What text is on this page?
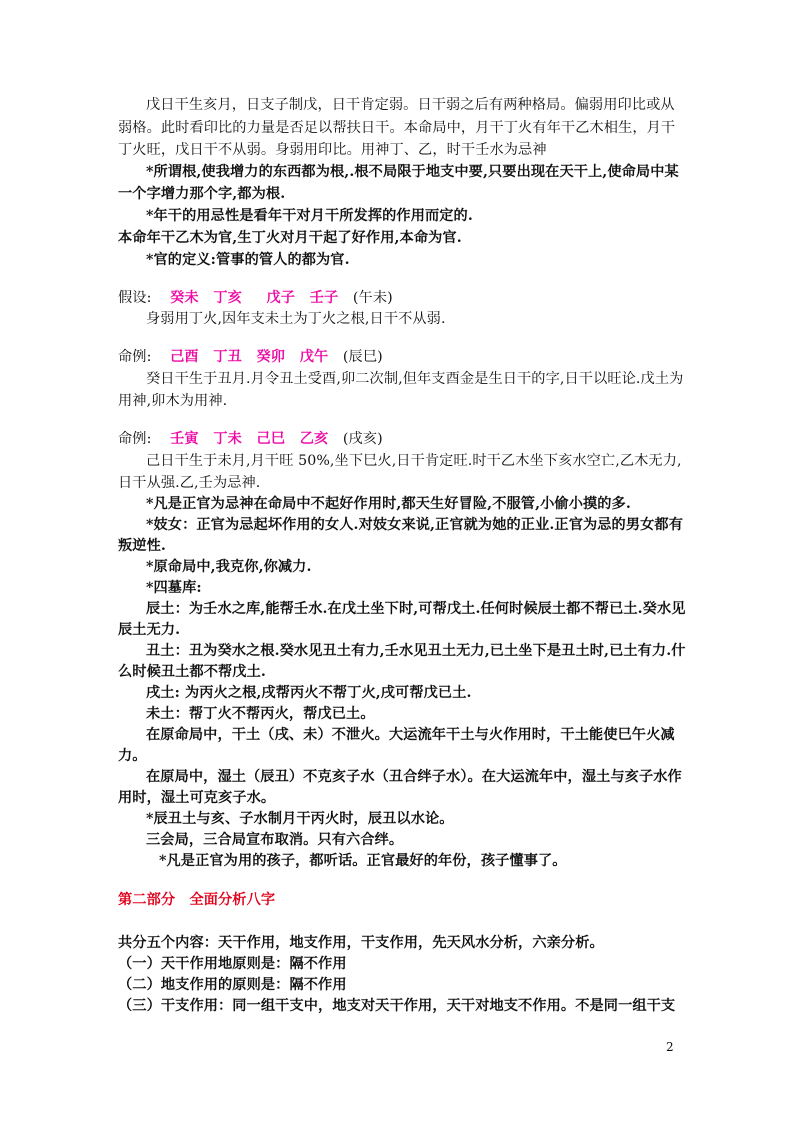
戊日干生亥月，日支子制戊，日干肯定弱。日干弱之后有两种格局。偏弱用印比或从
弱格。此时看印比的力量是否足以帮扶日干。本命局中，月干丁火有年干乙木相生，月干
丁火旺，戊日干不从弱。身弱用印比。用神丁、乙，时干壬水为忌神
*所谓根,使我增力的东西都为根,.根不局限于地支中要,只要出现在天干上,使命局中某
一个字增力那个字,都为根.
*年干的用忌性是看年干对月干所发挥的作用而定的.
本命年干乙木为官,生丁火对月干起了好作用,本命为官.
*官的定义:管事的管人的都为官.
假设: 癸未 丁亥 戊子 壬子 (午未)
身弱用丁火,因年支未土为丁火之根,日干不从弱.
命例: 己酉 丁丑 癸卯 戊午 (辰巳)
癸日干生于丑月.月令丑土受酉,卯二次制,但年支酉金是生日干的字,日干以旺论.戊土为
用神,卯木为用神.
命例: 壬寅 丁未 己巳 乙亥 (戌亥)
己日干生于未月,月干旺 50%,坐下巳火,日干肯定旺.时干乙木坐下亥水空亡,乙木无力,
日干从强.乙,壬为忌神.
*凡是正官为忌神在命局中不起好作用时,都天生好冒险,不服管,小偷小摸的多.
*妓女：正官为忌起坏作用的女人.对妓女来说,正官就为她的正业.正官为忌的男女都有
叛逆性.
*原命局中,我克你,你减力.
*四墓库:
辰土：为壬水之库,能帮壬水.在戊土坐下时,可帮戊土.任何时候辰土都不帮已土.癸水见
辰土无力.
丑土：丑为癸水之根.癸水见丑土有力,壬水见丑土无力,已土坐下是丑土时,已土有力.什
么时候丑土都不帮戊土.
戌土: 为丙火之根,戌帮丙火不帮丁火,戌可帮戊已土.
未土：帮丁火不帮丙火，帮戊已土。
在原命局中，干土（戌、未）不泄火。大运流年干土与火作用时，干土能使巳午火减
力。
在原局中，湿土（辰丑）不克亥子水（丑合绊子水）。在大运流年中，湿土与亥子水作
用时，湿土可克亥子水。
*辰丑土与亥、子水制月干丙火时，辰丑以水论。
三会局，三合局宣布取消。只有六合绊。
*凡是正官为用的孩子，都听话。正官最好的年份，孩子懂事了。
第二部分　全面分析八字
共分五个内容：天干作用，地支作用，干支作用，先天风水分析，六亲分析。
（一）天干作用地原则是：隔不作用
（二）地支作用的原则是：隔不作用
（三）干支作用：同一组干支中，地支对天干作用，天干对地支不作用。不是同一组干支
2
